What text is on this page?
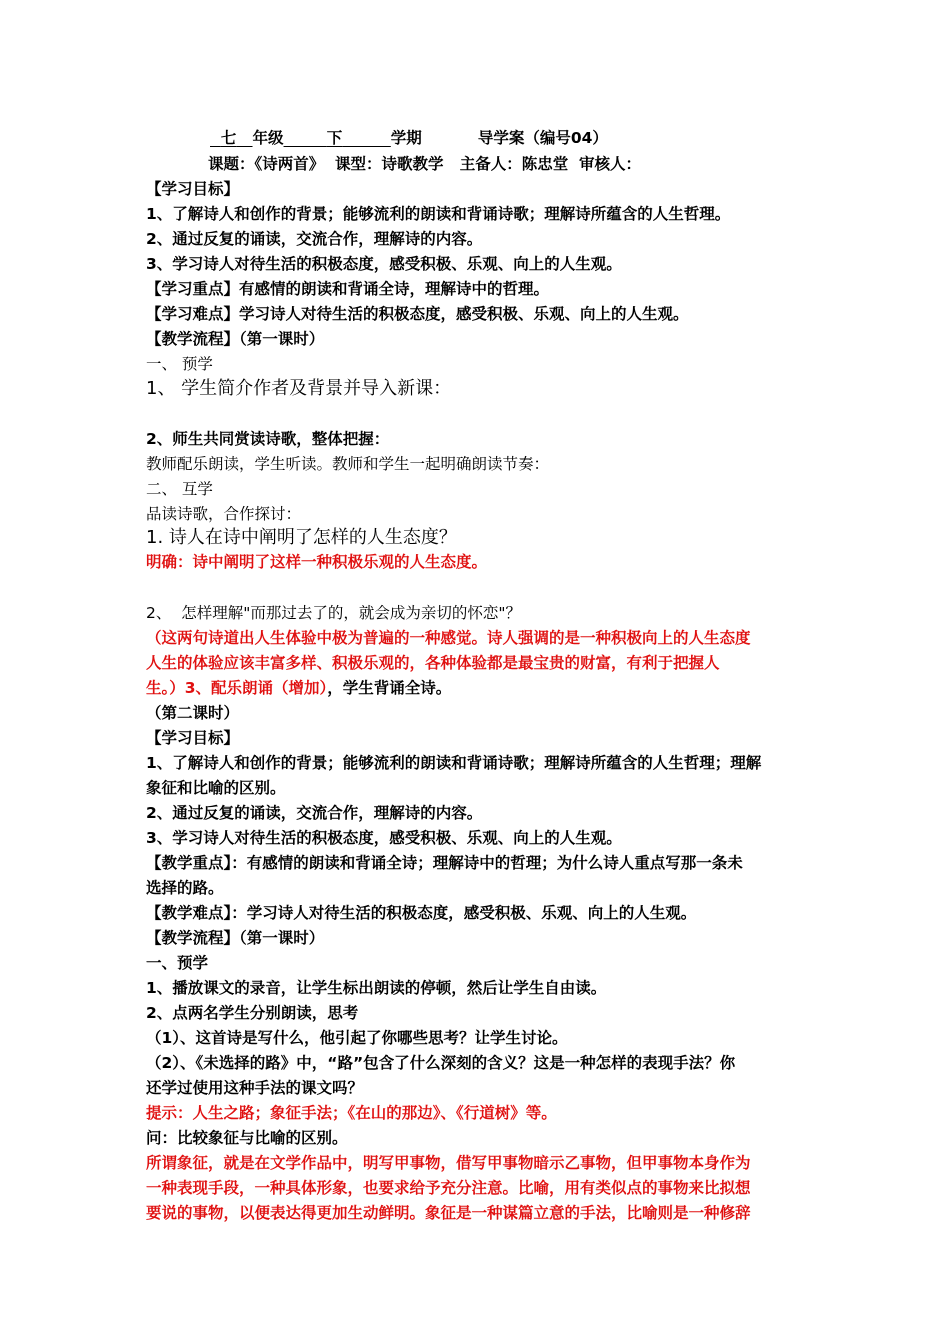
七 年级	下	学期	导学案（编号04）
课题：《诗两首》  课型：诗歌教学   主备人：陈忠堂  审核人：
【学习目标】
1、了解诗人和创作的背景；能够流利的朗读和背诵诗歌；理解诗所蕴含的人生哲理。
2、通过反复的诵读，交流合作，理解诗的内容。
3、学习诗人对待生活的积极态度，感受积极、乐观、向上的人生观。
【学习重点】有感情的朗读和背诵全诗，理解诗中的哲理。
【学习难点】学习诗人对待生活的积极态度，感受积极、乐观、向上的人生观。
【教学流程】（第一课时）
一、 预学
1、 学生简介作者及背景并导入新课：
2、师生共同赏读诗歌，整体把握：
教师配乐朗读，学生听读。教师和学生一起明确朗读节奏：
二、 互学
品读诗歌，合作探讨：
1. 诗人在诗中阐明了怎样的人生态度？
明确：诗中阐明了这样一种积极乐观的人生态度。
2、  怎样理解"而那过去了的，就会成为亲切的怀恋"？
（这两句诗道出人生体验中极为普遍的一种感觉。诗人强调的是一种积极向上的人生态度
人生的体验应该丰富多样、积极乐观的，各种体验都是最宝贵的财富，有利于把握人
生。）3、配乐朗诵（增加），学生背诵全诗。
（第二课时）
【学习目标】
1、了解诗人和创作的背景；能够流利的朗读和背诵诗歌；理解诗所蕴含的人生哲理；理解
象征和比喻的区别。
2、通过反复的诵读，交流合作，理解诗的内容。
3、学习诗人对待生活的积极态度，感受积极、乐观、向上的人生观。
【教学重点】：有感情的朗读和背诵全诗；理解诗中的哲理；为什么诗人重点写那一条未
选择的路。
【教学难点】：学习诗人对待生活的积极态度，感受积极、乐观、向上的人生观。
【教学流程】（第一课时）
一、预学
1、播放课文的录音，让学生标出朗读的停顿，然后让学生自由读。
2、点两名学生分别朗读，思考
（1）、这首诗是写什么，他引起了你哪些思考？让学生讨论。
（2）、《未选择的路》中，“路”包含了什么深刻的含义？这是一种怎样的表现手法？你
还学过使用这种手法的课文吗？
提示：人生之路；象征手法；《在山的那边》、《行道树》等。
问：比较象征与比喻的区别。
所谓象征，就是在文学作品中，明写甲事物，借写甲事物暗示乙事物，但甲事物本身作为
一种表现手段，一种具体形象，也要求给予充分注意。比喻，用有类似点的事物来比拟想
要说的事物，以便表达得更加生动鲜明。象征是一种谋篇立意的手法，比喻则是一种修辞
